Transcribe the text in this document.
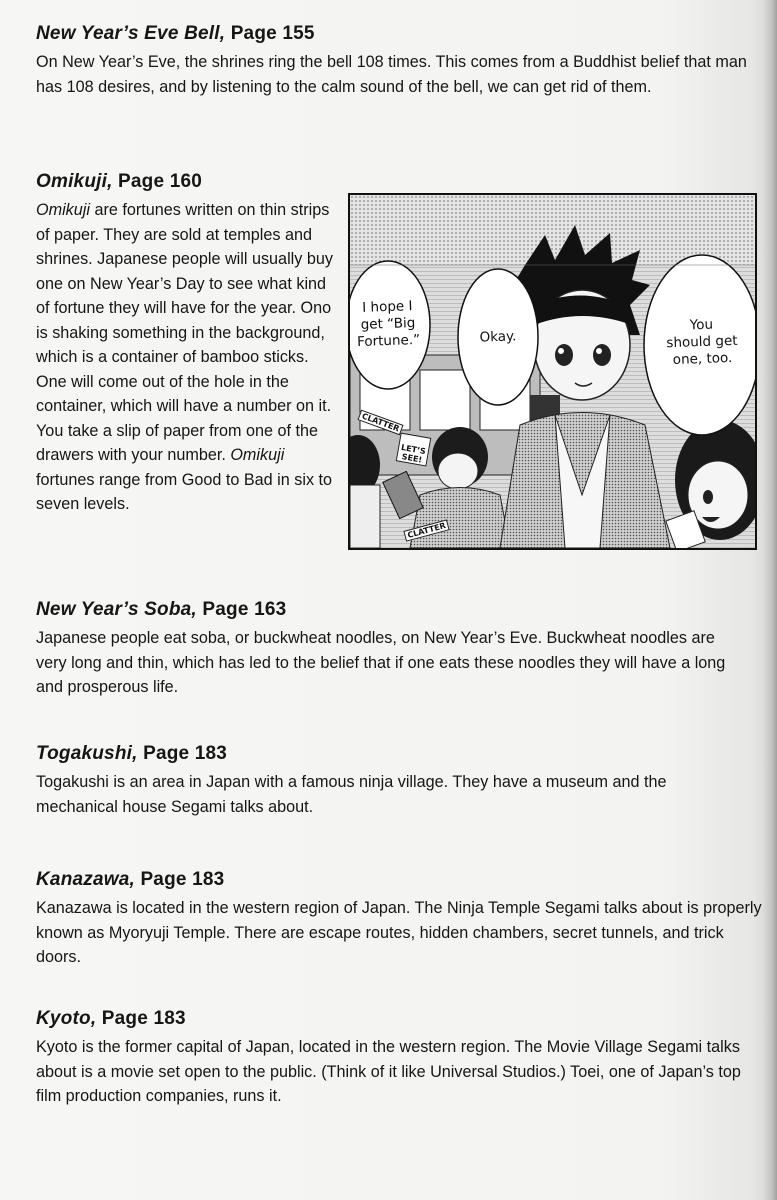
New Year’s Eve Bell, Page 155
On New Year’s Eve, the shrines ring the bell 108 times. This comes from a Buddhist belief that man has 108 desires, and by listening to the calm sound of the bell, we can get rid of them.
Omikuji, Page 160
Omikuji are fortunes written on thin strips of paper. They are sold at temples and shrines. Japanese people will usually buy one on New Year’s Day to see what kind of fortune they will have for the year. Ono is shaking something in the background, which is a container of bamboo sticks. One will come out of the hole in the container, which will have a number on it. You take a slip of paper from one of the drawers with your number. Omikuji fortunes range from Good to Bad in six to seven levels.
I hope I
get “Big
Fortune.”	Okay.
You
should get
one, too.
CLATTER

LET’S
SEE!

CLATTER
New Year’s Soba, Page 163
Japanese people eat soba, or buckwheat noodles, on New Year’s Eve. Buckwheat noodles are very long and thin, which has led to the belief that if one eats these noodles they will have a long and prosperous life.
Togakushi, Page 183
Togakushi is an area in Japan with a famous ninja village. They have a museum and the mechanical house Segami talks about.
Kanazawa, Page 183
Kanazawa is located in the western region of Japan. The Ninja Temple Segami talks about is properly known as Myoryuji Temple. There are escape routes, hidden chambers, secret tunnels, and trick doors.
Kyoto, Page 183
Kyoto is the former capital of Japan, located in the western region. The Movie Village Segami talks about is a movie set open to the public. (Think of it like Universal Studios.) Toei, one of Japan’s top film production companies, runs it.
